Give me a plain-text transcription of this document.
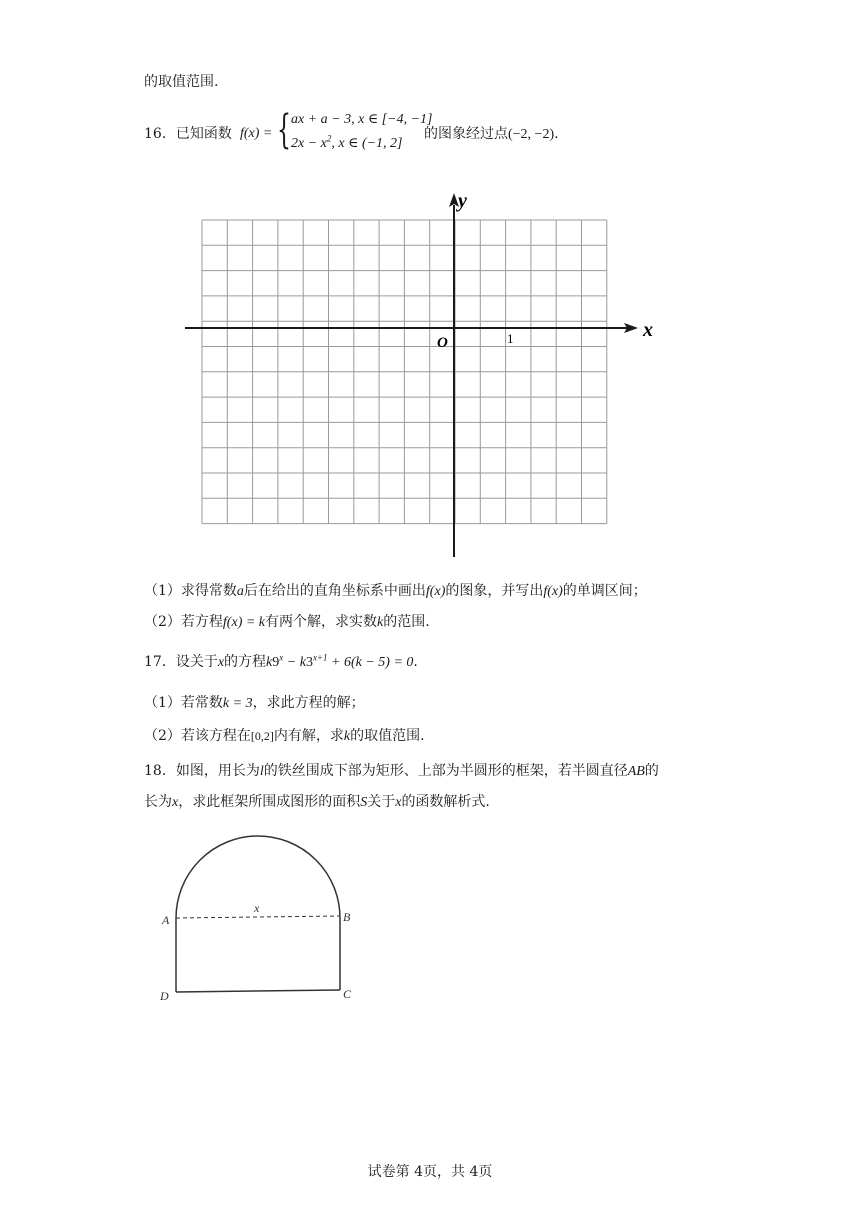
的取值范围.
16．已知函数 f(x) = { ax + a − 3, x ∈ [−4, −1]
$2x - x^2$, x ∈ (−1, 2]
的图象经过点(−2, −2).
x
y
O	1
（1）求得常数a后在给出的直角坐标系中画出f(x)的图象，并写出f(x)的单调区间；
（2）若方程f(x) = k有两个解，求实数k的范围.
17．设关于x的方程$k9^x - k3^{x+1} + 6(k - 5) = 0$.
（1）若常数k = 3，求此方程的解；
（2）若该方程在[0,2]内有解，求k的取值范围.
18．如图，用长为l的铁丝围成下部为矩形、上部为半圆形的框架，若半圆直径AB的
长为x，求此框架所围成图形的面积S关于x的函数解析式.
A	B
C
D
x
试卷第 4页，共 4页
